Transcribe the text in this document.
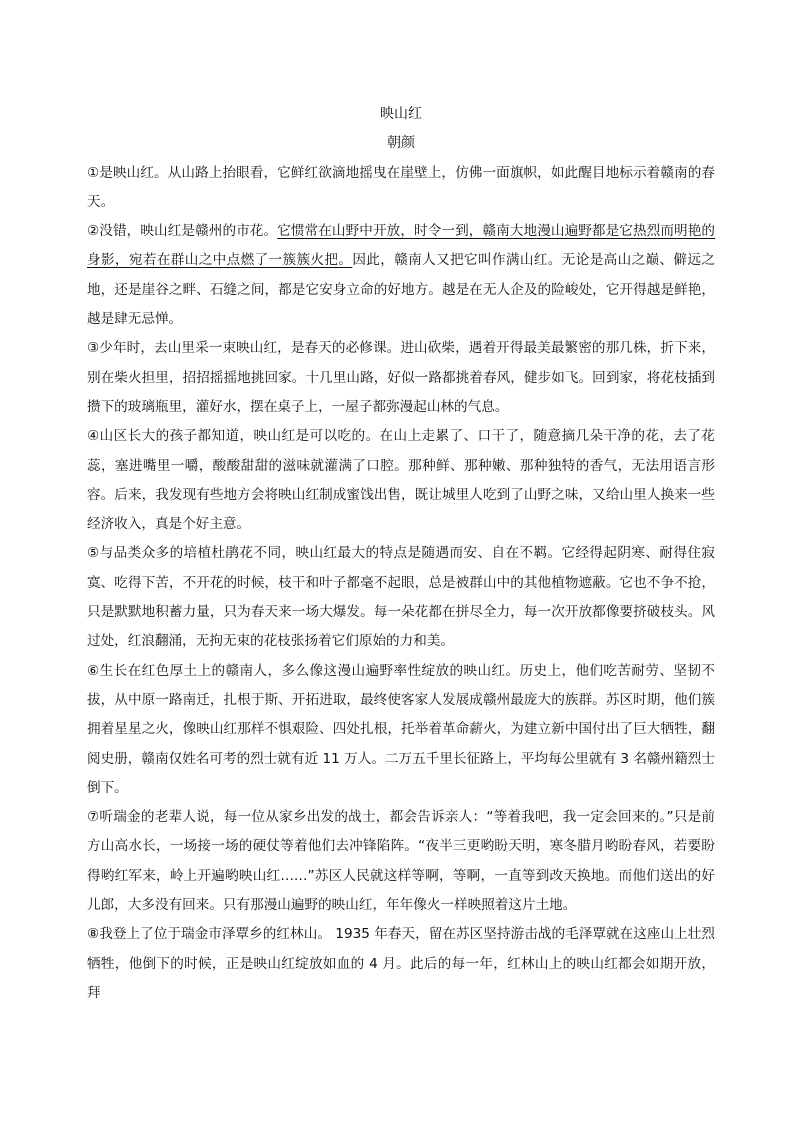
映山红

朝颜

①是映山红。从山路上抬眼看，它鲜红欲滴地摇曳在崖壁上，仿佛一面旗帜，如此醒目地标示着赣南的春天。

②没错，映山红是赣州的市花。它惯常在山野中开放，时令一到，赣南大地漫山遍野都是它热烈而明艳的身影，宛若在群山之中点燃了一簇簇火把。因此，赣南人又把它叫作满山红。无论是高山之巅、僻远之地，还是崖谷之畔、石缝之间，都是它安身立命的好地方。越是在无人企及的险峻处，它开得越是鲜艳，越是肆无忌惮。

③少年时，去山里采一束映山红，是春天的必修课。进山砍柴，遇着开得最美最繁密的那几株，折下来，别在柴火担里，招招摇摇地挑回家。十几里山路，好似一路都挑着春风，健步如飞。回到家，将花枝插到攒下的玻璃瓶里，灌好水，摆在桌子上，一屋子都弥漫起山林的气息。

④山区长大的孩子都知道，映山红是可以吃的。在山上走累了、口干了，随意摘几朵干净的花，去了花蕊，塞进嘴里一嚼，酸酸甜甜的滋味就灌满了口腔。那种鲜、那种嫩、那种独特的香气，无法用语言形容。后来，我发现有些地方会将映山红制成蜜饯出售，既让城里人吃到了山野之味，又给山里人换来一些经济收入，真是个好主意。

⑤与品类众多的培植杜鹃花不同，映山红最大的特点是随遇而安、自在不羁。它经得起阴寒、耐得住寂寞、吃得下苦，不开花的时候，枝干和叶子都毫不起眼，总是被群山中的其他植物遮蔽。它也不争不抢，只是默默地积蓄力量，只为春天来一场大爆发。每一朵花都在拼尽全力，每一次开放都像要挤破枝头。风过处，红浪翻涌，无拘无束的花枝张扬着它们原始的力和美。

⑥生长在红色厚土上的赣南人，多么像这漫山遍野率性绽放的映山红。历史上，他们吃苦耐劳、坚韧不拔，从中原一路南迁，扎根于斯、开拓进取，最终使客家人发展成赣州最庞大的族群。苏区时期，他们簇拥着星星之火，像映山红那样不惧艰险、四处扎根，托举着革命薪火，为建立新中国付出了巨大牺牲，翻阅史册，赣南仅姓名可考的烈士就有近 11 万人。二万五千里长征路上，平均每公里就有 3 名赣州籍烈士倒下。

⑦听瑞金的老辈人说，每一位从家乡出发的战士，都会告诉亲人：“等着我吧，我一定会回来的。”只是前方山高水长，一场接一场的硬仗等着他们去冲锋陷阵。“夜半三更哟盼天明，寒冬腊月哟盼春风，若要盼得哟红军来，岭上开遍哟映山红……”苏区人民就这样等啊，等啊，一直等到改天换地。而他们送出的好儿郎，大多没有回来。只有那漫山遍野的映山红，年年像火一样映照着这片土地。

⑧我登上了位于瑞金市泽覃乡的红林山。 1935 年春天，留在苏区坚持游击战的毛泽覃就在这座山上壮烈牺牲，他倒下的时候，正是映山红绽放如血的 4 月。此后的每一年，红林山上的映山红都会如期开放，拜
